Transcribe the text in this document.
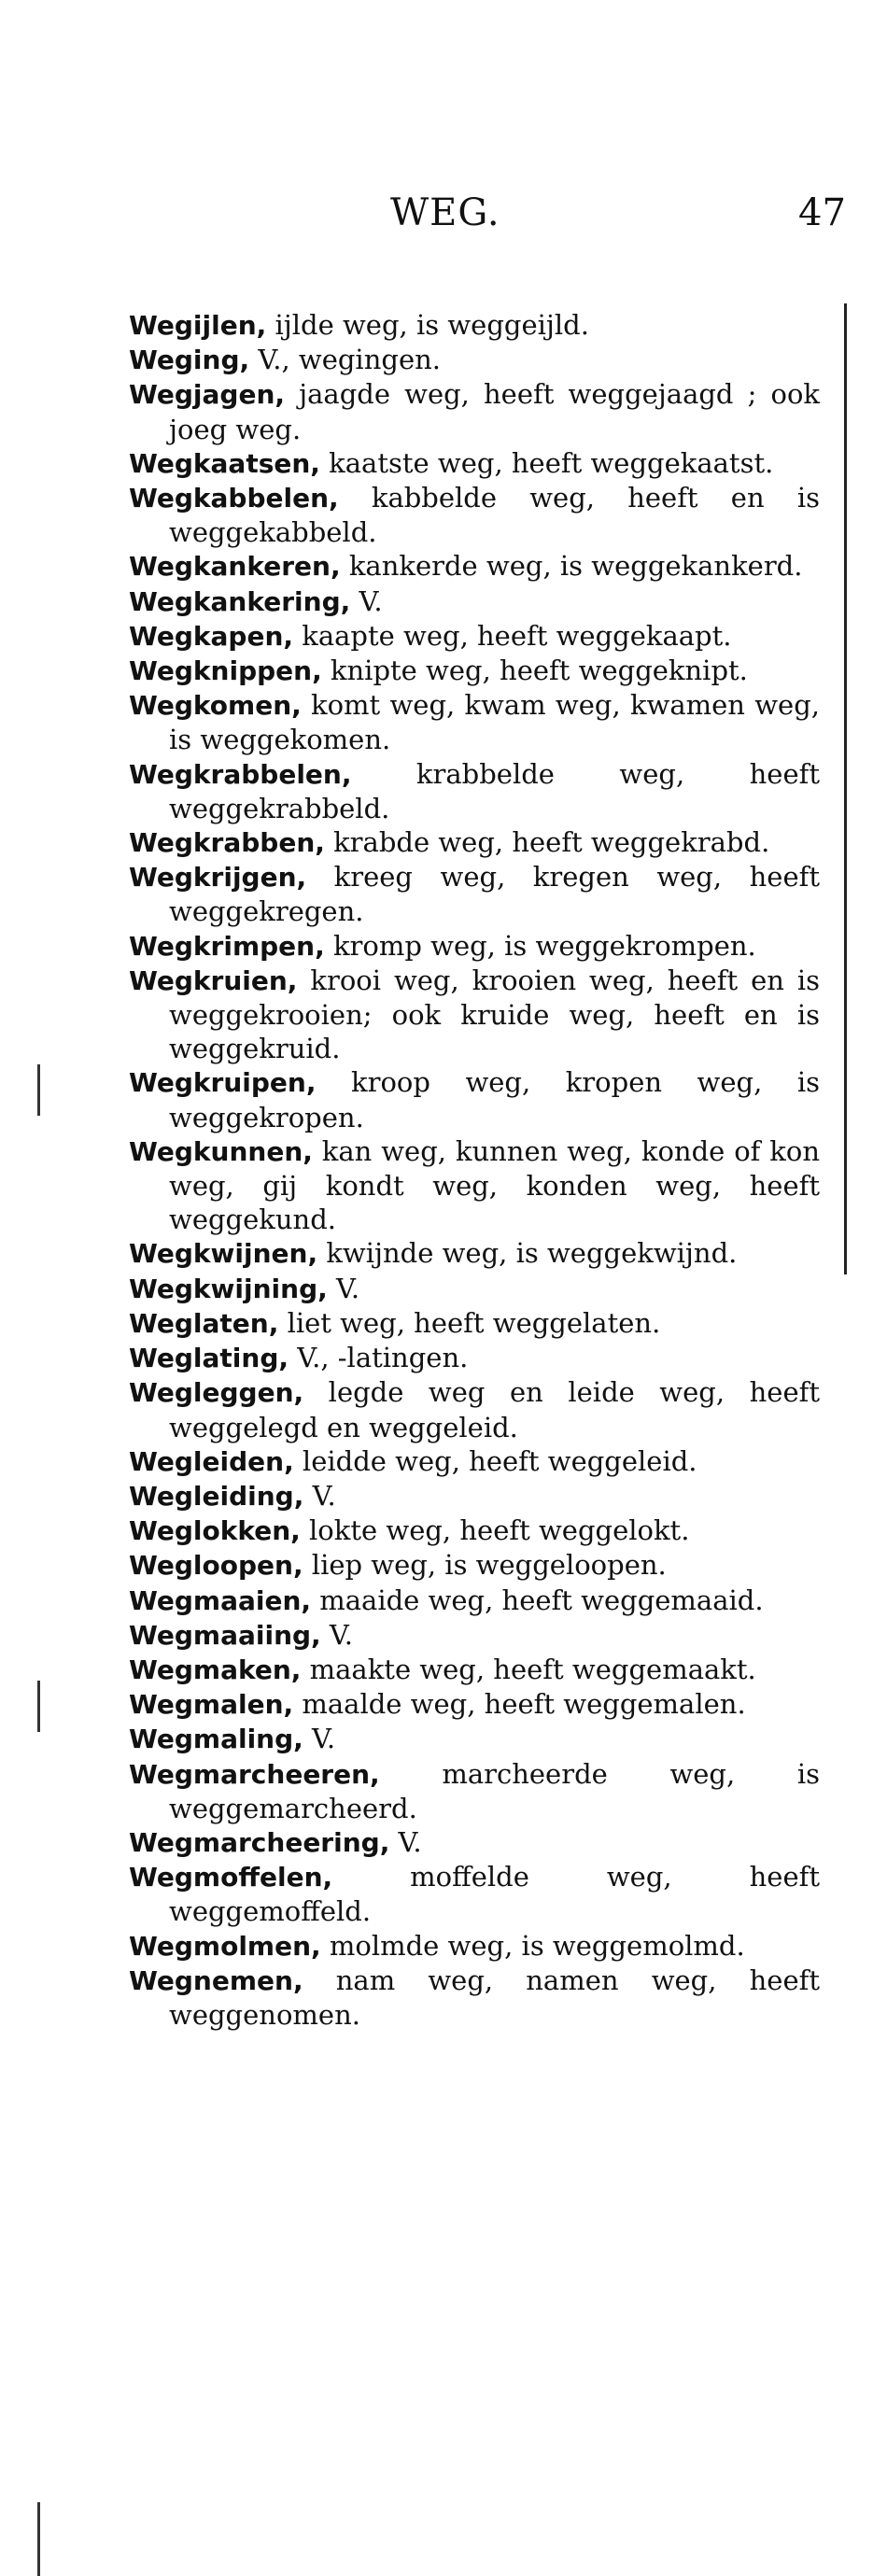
WEG.	47
Wegijlen, ijlde weg, is weggeijld.
Weging, V., wegingen.
Wegjagen, jaagde weg, heeft weggejaagd ; ook joeg weg.
Wegkaatsen, kaatste weg, heeft weggekaatst.
Wegkabbelen, kabbelde weg, heeft en is weggekabbeld.
Wegkankeren, kankerde weg, is weggekankerd.
Wegkankering, V.
Wegkapen, kaapte weg, heeft weggekaapt.
Wegknippen, knipte weg, heeft weggeknipt.
Wegkomen, komt weg, kwam weg, kwamen weg, is weggekomen.
Wegkrabbelen, krabbelde weg, heeft weggekrabbeld.
Wegkrabben, krabde weg, heeft weggekrabd.
Wegkrijgen, kreeg weg, kregen weg, heeft weggekregen.
Wegkrimpen, kromp weg, is weggekrompen.
Wegkruien, krooi weg, krooien weg, heeft en is weggekrooien; ook kruide weg, heeft en is weggekruid.
Wegkruipen, kroop weg, kropen weg, is weggekropen.
Wegkunnen, kan weg, kunnen weg, konde of kon weg, gij kondt weg, konden weg, heeft weggekund.
Wegkwijnen, kwijnde weg, is weggekwijnd.
Wegkwijning, V.
Weglaten, liet weg, heeft weggelaten.
Weglating, V., -latingen.
Wegleggen, legde weg en leide weg, heeft weggelegd en weggeleid.
Wegleiden, leidde weg, heeft weggeleid.
Wegleiding, V.
Weglokken, lokte weg, heeft weggelokt.
Wegloopen, liep weg, is weggeloopen.
Wegmaaien, maaide weg, heeft weggemaaid.
Wegmaaiing, V.
Wegmaken, maakte weg, heeft weggemaakt.
Wegmalen, maalde weg, heeft weggemalen.
Wegmaling, V.
Wegmarcheeren, marcheerde weg, is weggemarcheerd.
Wegmarcheering, V.
Wegmoffelen, moffelde weg, heeft weggemoffeld.
Wegmolmen, molmde weg, is weggemolmd.
Wegnemen, nam weg, namen weg, heeft weggenomen.
